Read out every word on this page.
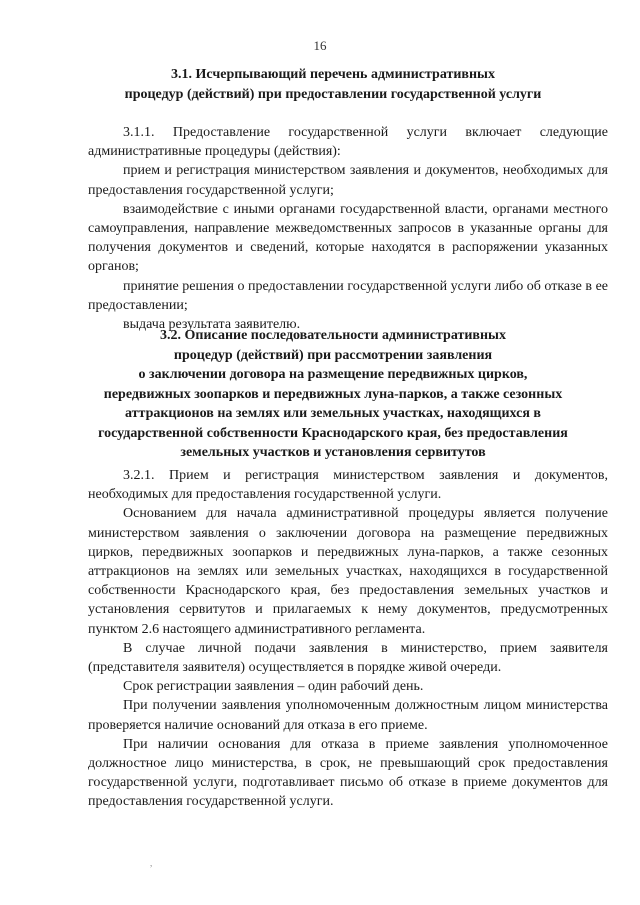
16
3.1. Исчерпывающий перечень административных
процедур (действий) при предоставлении государственной услуги

3.1.1. Предоставление государственной услуги включает следующие административные процедуры (действия):

прием и регистрация министерством заявления и документов, необходимых для предоставления государственной услуги;

взаимодействие с иными органами государственной власти, органами местного самоуправления, направление межведомственных запросов в указанные органы для получения документов и сведений, которые находятся в распоряжении указанных органов;

принятие решения о предоставлении государственной услуги либо об отказе в ее предоставлении;

выдача результата заявителю.

3.2. Описание последовательности административных
процедур (действий) при рассмотрении заявления
о заключении договора на размещение передвижных цирков,
передвижных зоопарков и передвижных луна-парков, а также сезонных
аттракционов на землях или земельных участках, находящихся в
государственной собственности Краснодарского края, без предоставления
земельных участков и установления сервитутов

3.2.1. Прием и регистрация министерством заявления и документов, необходимых для предоставления государственной услуги.

Основанием для начала административной процедуры является получение министерством заявления о заключении договора на размещение передвижных цирков, передвижных зоопарков и передвижных луна-парков, а также сезонных аттракционов на землях или земельных участках, находящихся в государственной собственности Краснодарского края, без предоставления земельных участков и установления сервитутов и прилагаемых к нему документов, предусмотренных пунктом 2.6 настоящего административного регламента.

В случае личной подачи заявления в министерство, прием заявителя (представителя заявителя) осуществляется в порядке живой очереди.

Срок регистрации заявления – один рабочий день.

При получении заявления уполномоченным должностным лицом министерства проверяется наличие оснований для отказа в его приеме.

При наличии основания для отказа в приеме заявления уполномоченное должностное лицо министерства, в срок, не превышающий срок предоставления государственной услуги, подготавливает письмо об отказе в приеме документов для предоставления государственной услуги.

,
